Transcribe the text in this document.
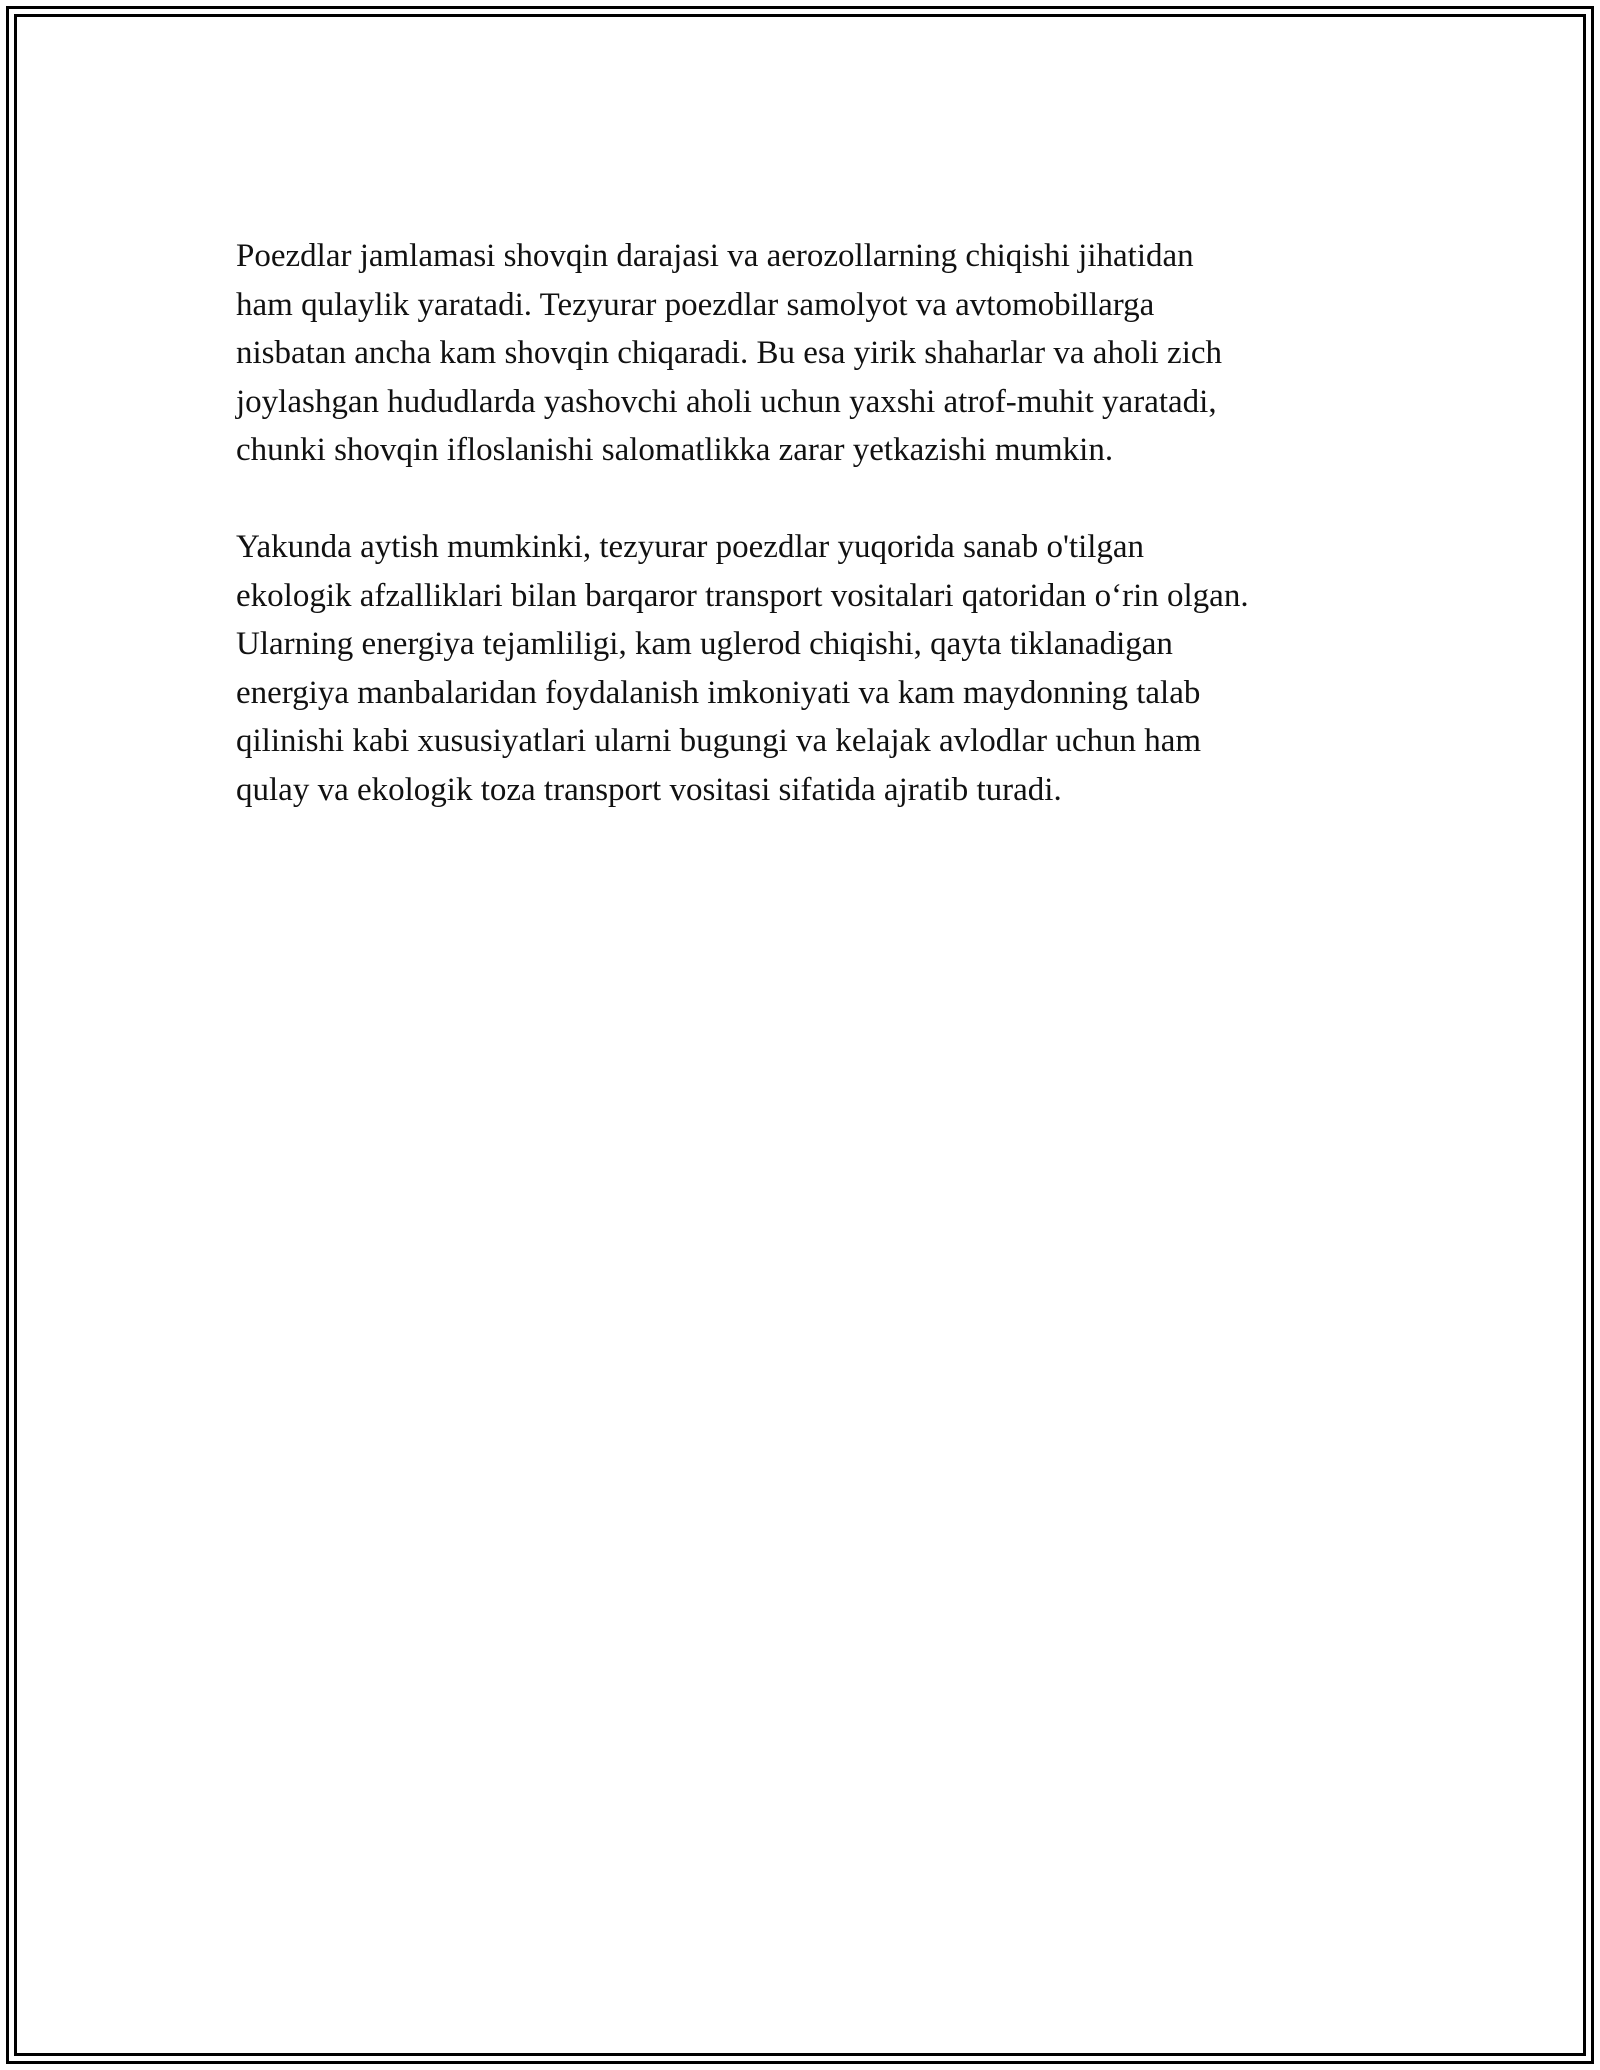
Poezdlar jamlamasi shovqin darajasi va aerozollarning chiqishi jihatidan
ham qulaylik yaratadi. Tezyurar poezdlar samolyot va avtomobillarga
nisbatan ancha kam shovqin chiqaradi. Bu esa yirik shaharlar va aholi zich
joylashgan hududlarda yashovchi aholi uchun yaxshi atrof-muhit yaratadi,
chunki shovqin ifloslanishi salomatlikka zarar yetkazishi mumkin.

Yakunda aytish mumkinki, tezyurar poezdlar yuqorida sanab o'tilgan
ekologik afzalliklari bilan barqaror transport vositalari qatoridan o‘rin olgan.
Ularning energiya tejamliligi, kam uglerod chiqishi, qayta tiklanadigan
energiya manbalaridan foydalanish imkoniyati va kam maydonning talab
qilinishi kabi xususiyatlari ularni bugungi va kelajak avlodlar uchun ham
qulay va ekologik toza transport vositasi sifatida ajratib turadi.
